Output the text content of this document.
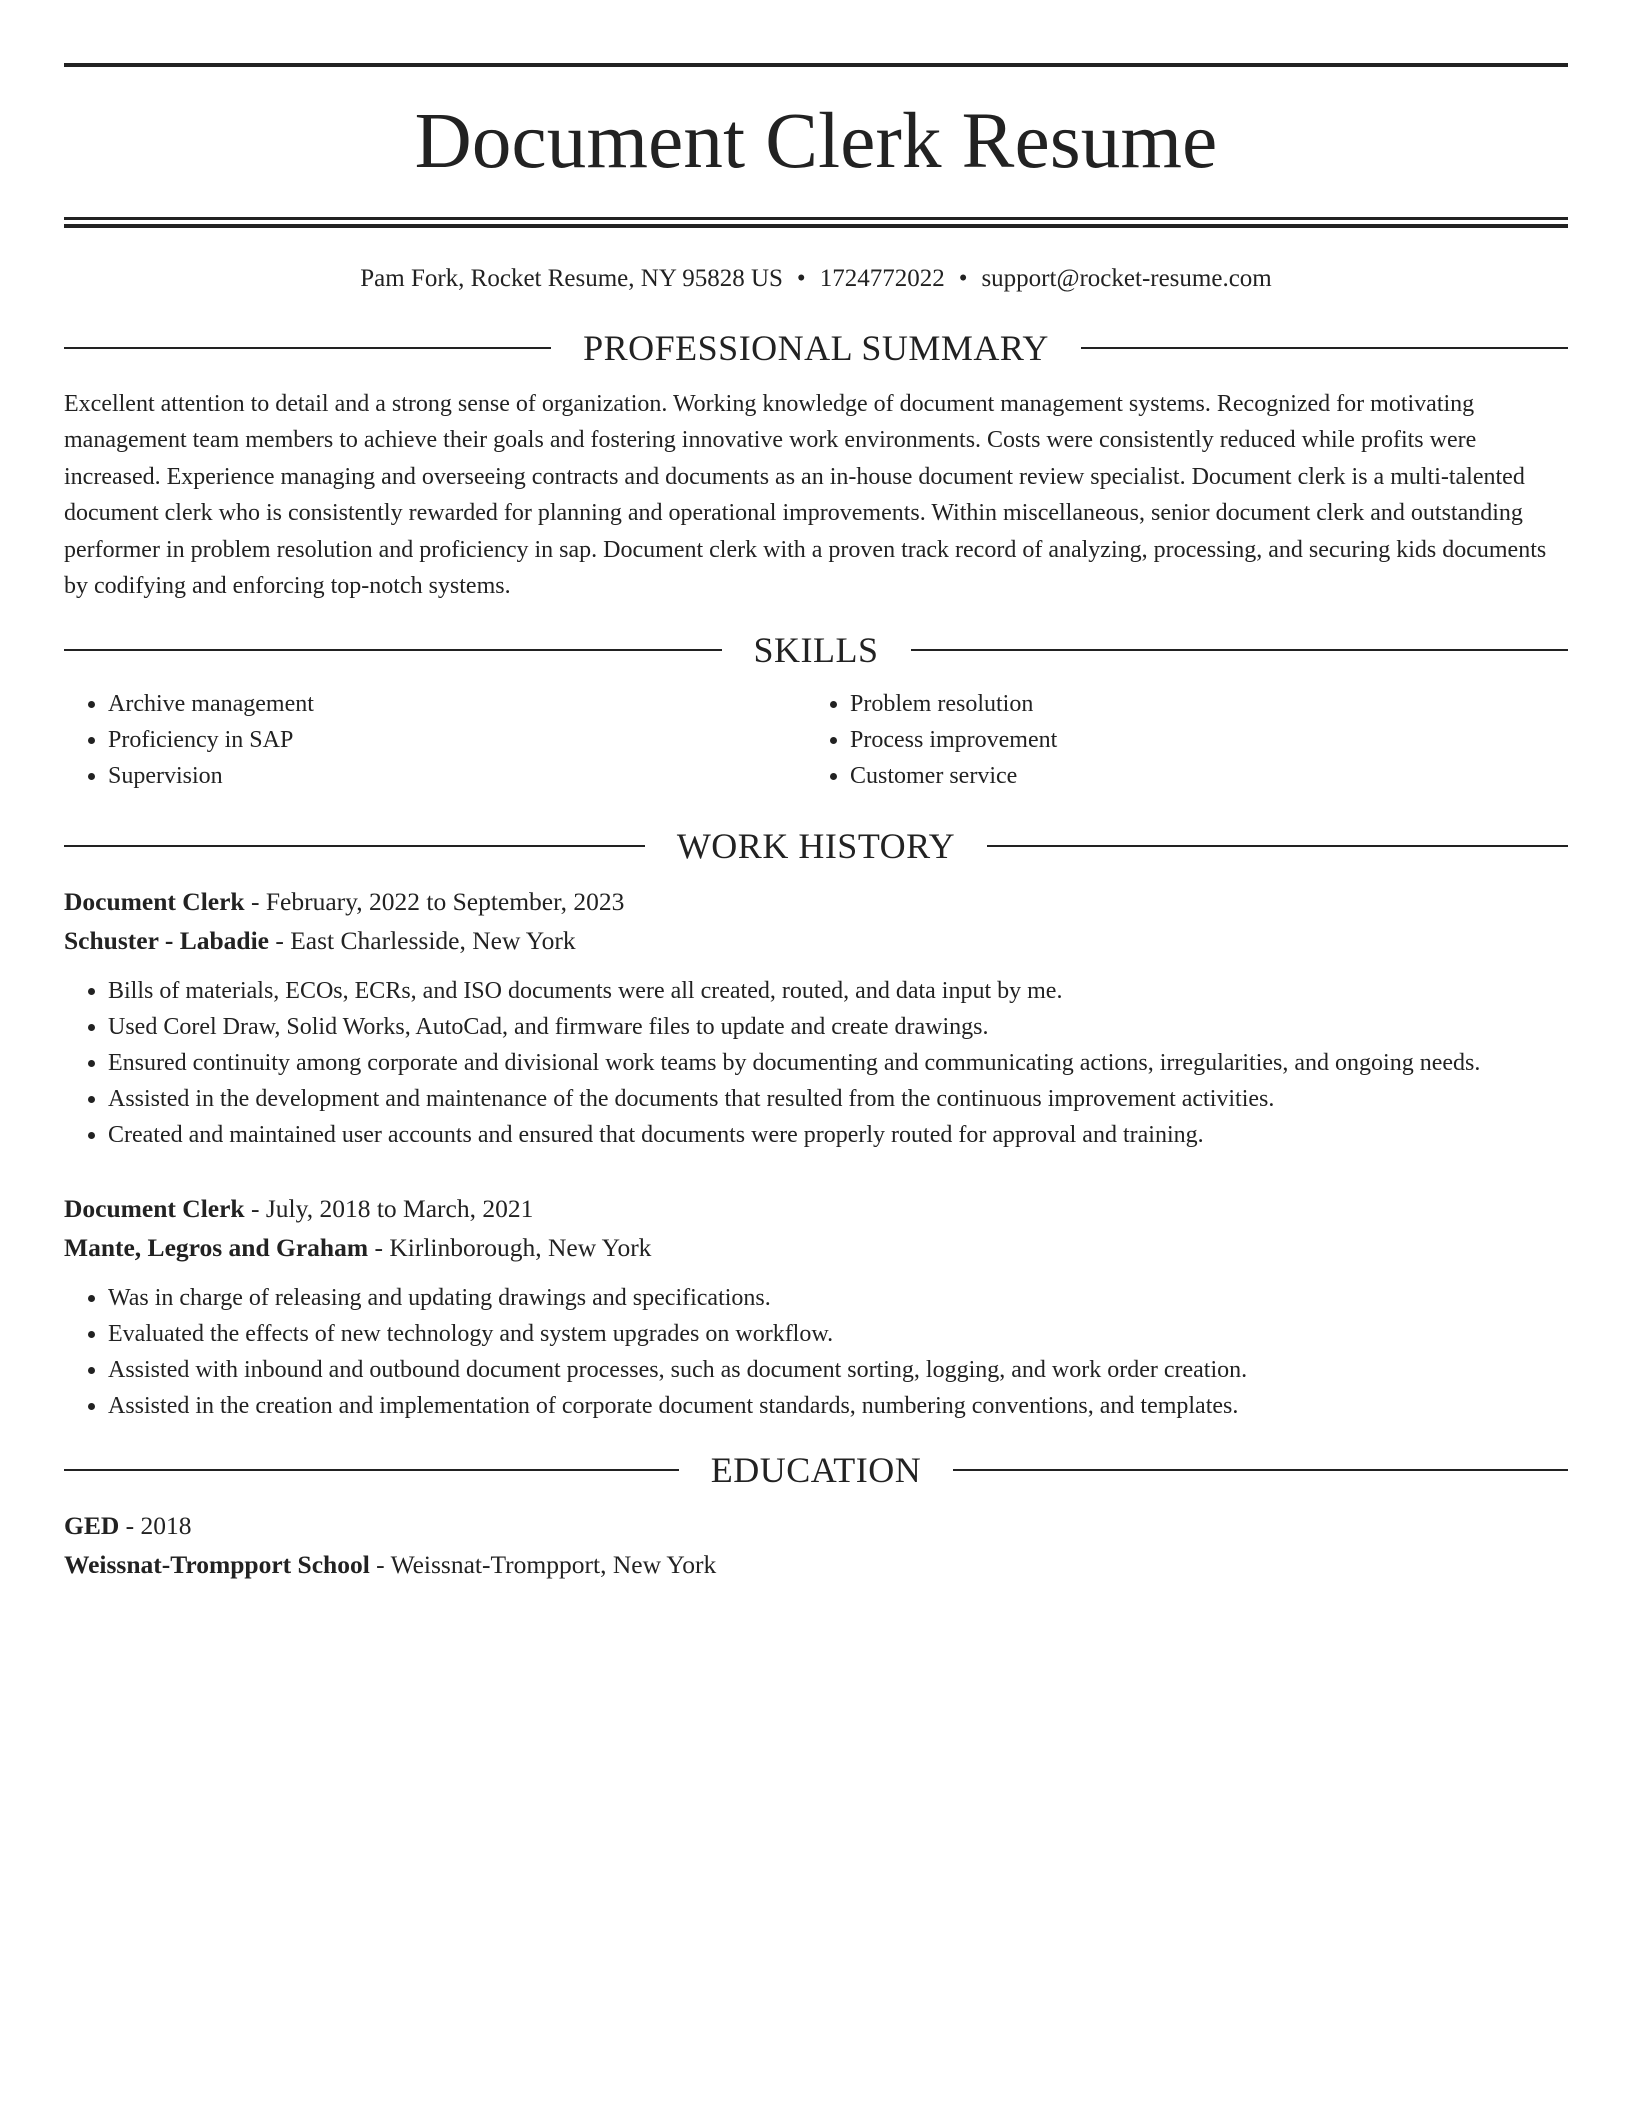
Document Clerk Resume
Pam Fork, Rocket Resume, NY 95828 US • 1724772022 • support@rocket-resume.com
PROFESSIONAL SUMMARY

Excellent attention to detail and a strong sense of organization. Working knowledge of document management systems. Recognized for motivating management team members to achieve their goals and fostering innovative work environments. Costs were consistently reduced while profits were increased. Experience managing and overseeing contracts and documents as an in-house document review specialist. Document clerk is a multi-talented document clerk who is consistently rewarded for planning and operational improvements. Within miscellaneous, senior document clerk and outstanding performer in problem resolution and proficiency in sap. Document clerk with a proven track record of analyzing, processing, and securing kids documents by codifying and enforcing top-notch systems.

SKILLS
• Archive management
• Proficiency in SAP
• Supervision
• Problem resolution
• Process improvement
• Customer service
WORK HISTORY
Document Clerk - February, 2022 to September, 2023
Schuster - Labadie - East Charlesside, New York
• Bills of materials, ECOs, ECRs, and ISO documents were all created, routed, and data input by me.
• Used Corel Draw, Solid Works, AutoCad, and firmware files to update and create drawings.
• Ensured continuity among corporate and divisional work teams by documenting and communicating actions, irregularities, and ongoing needs.
• Assisted in the development and maintenance of the documents that resulted from the continuous improvement activities.
• Created and maintained user accounts and ensured that documents were properly routed for approval and training.
Document Clerk - July, 2018 to March, 2021
Mante, Legros and Graham - Kirlinborough, New York
• Was in charge of releasing and updating drawings and specifications.
• Evaluated the effects of new technology and system upgrades on workflow.
• Assisted with inbound and outbound document processes, such as document sorting, logging, and work order creation.
• Assisted in the creation and implementation of corporate document standards, numbering conventions, and templates.
EDUCATION
GED - 2018
Weissnat-Trompport School - Weissnat-Trompport, New York
